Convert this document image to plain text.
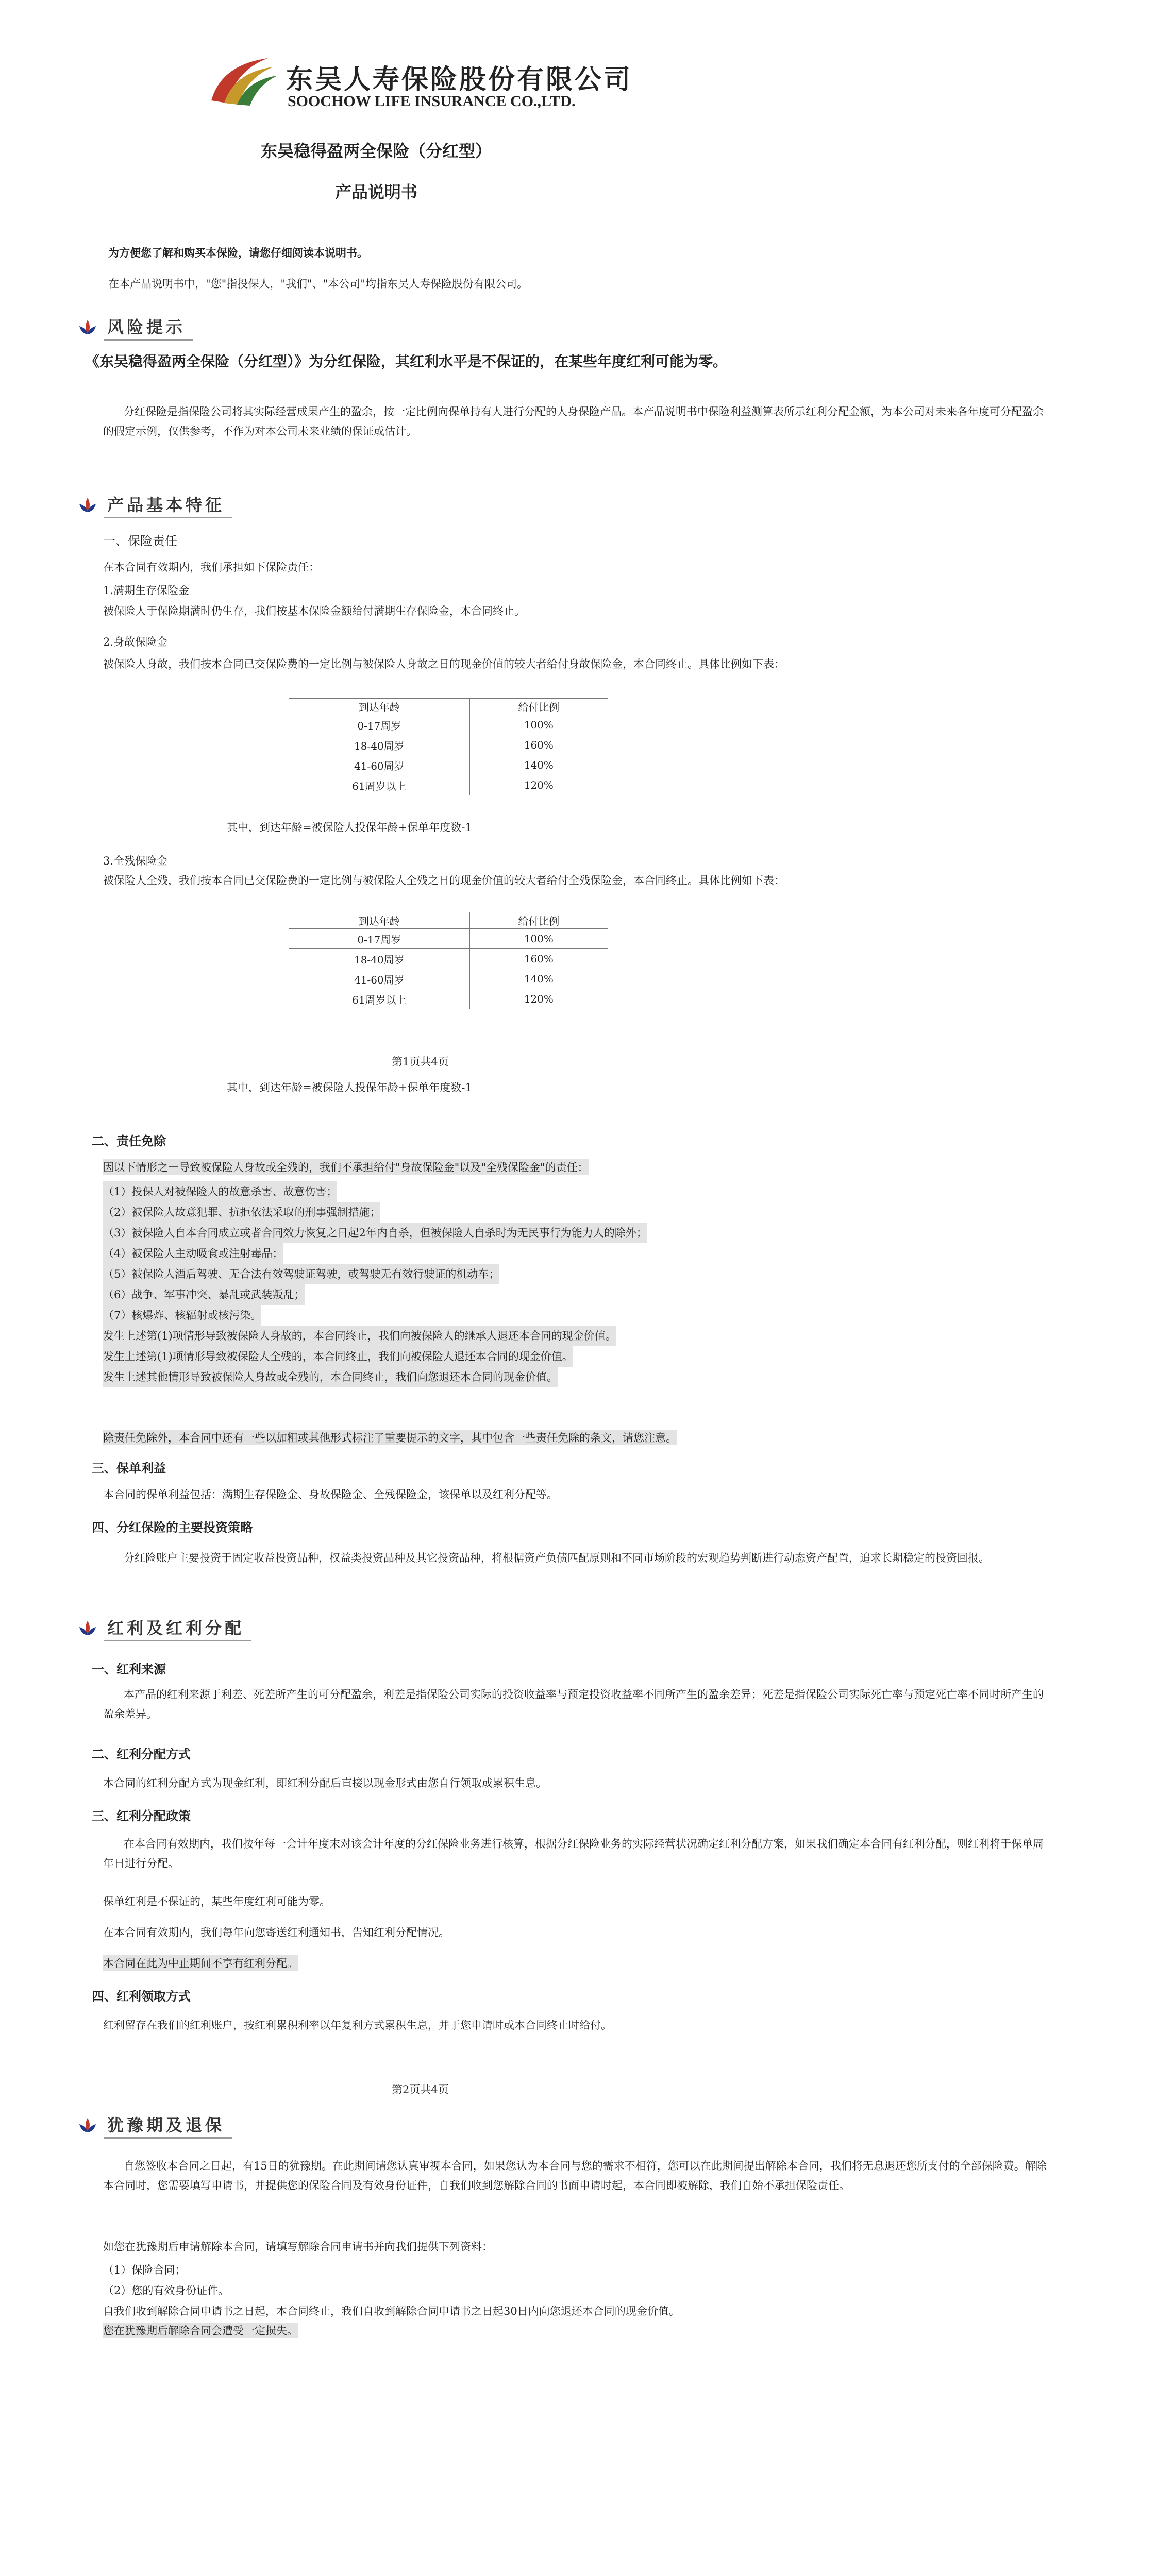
东吴人寿保险股份有限公司
SOOCHOW LIFE INSURANCE CO.,LTD.
东吴稳得盈两全保险（分红型）
产品说明书
为方便您了解和购买本保险，请您仔细阅读本说明书。
在本产品说明书中，"您"指投保人，"我们"、"本公司"均指东吴人寿保险股份有限公司。
风险提示
《东吴稳得盈两全保险（分红型）》为分红保险，其红利水平是不保证的，在某些年度红利可能为零。
分红保险是指保险公司将其实际经营成果产生的盈余，按一定比例向保单持有人进行分配的人身保险产品。本产品说明书中保险利益测算表所示红利分配金额，为本公司对未来各年度可分配盈余的假定示例，仅供参考，不作为对本公司未来业绩的保证或估计。
产品基本特征
一、保险责任
在本合同有效期内，我们承担如下保险责任：
1.满期生存保险金
被保险人于保险期满时仍生存，我们按基本保险金额给付满期生存保险金，本合同终止。
2.身故保险金
被保险人身故，我们按本合同已交保险费的一定比例与被保险人身故之日的现金价值的较大者给付身故保险金，本合同终止。具体比例如下表：
到达年龄	给付比例
0-17周岁	100%
18-40周岁	160%
41-60周岁	140%
61周岁以上	120%
其中，到达年龄=被保险人投保年龄+保单年度数-1
3.全残保险金
被保险人全残，我们按本合同已交保险费的一定比例与被保险人全残之日的现金价值的较大者给付全残保险金，本合同终止。具体比例如下表：
到达年龄	给付比例
0-17周岁	100%
18-40周岁	160%
41-60周岁	140%
61周岁以上	120%
第1页共4页
其中，到达年龄=被保险人投保年龄+保单年度数-1
二、责任免除
因以下情形之一导致被保险人身故或全残的，我们不承担给付"身故保险金"以及"全残保险金"的责任：
（1）投保人对被保险人的故意杀害、故意伤害；
（2）被保险人故意犯罪、抗拒依法采取的刑事强制措施；
（3）被保险人自本合同成立或者合同效力恢复之日起2年内自杀，但被保险人自杀时为无民事行为能力人的除外；
（4）被保险人主动吸食或注射毒品；
（5）被保险人酒后驾驶、无合法有效驾驶证驾驶，或驾驶无有效行驶证的机动车；
（6）战争、军事冲突、暴乱或武装叛乱；
（7）核爆炸、核辐射或核污染。
发生上述第(1)项情形导致被保险人身故的，本合同终止，我们向被保险人的继承人退还本合同的现金价值。
发生上述第(1)项情形导致被保险人全残的，本合同终止，我们向被保险人退还本合同的现金价值。
发生上述其他情形导致被保险人身故或全残的，本合同终止，我们向您退还本合同的现金价值。
除责任免除外，本合同中还有一些以加粗或其他形式标注了重要提示的文字，其中包含一些责任免除的条文，请您注意。
三、保单利益
本合同的保单利益包括：满期生存保险金、身故保险金、全残保险金，该保单以及红利分配等。
四、分红保险的主要投资策略
分红险账户主要投资于固定收益投资品种，权益类投资品种及其它投资品种，将根据资产负债匹配原则和不同市场阶段的宏观趋势判断进行动态资产配置，追求长期稳定的投资回报。
红利及红利分配
一、红利来源
本产品的红利来源于利差、死差所产生的可分配盈余，利差是指保险公司实际的投资收益率与预定投资收益率不同所产生的盈余差异；死差是指保险公司实际死亡率与预定死亡率不同时所产生的盈余差异。
二、红利分配方式
本合同的红利分配方式为现金红利，即红利分配后直接以现金形式由您自行领取或累积生息。
三、红利分配政策
在本合同有效期内，我们按年每一会计年度末对该会计年度的分红保险业务进行核算，根据分红保险业务的实际经营状况确定红利分配方案，如果我们确定本合同有红利分配，则红利将于保单周年日进行分配。
保单红利是不保证的，某些年度红利可能为零。
在本合同有效期内，我们每年向您寄送红利通知书，告知红利分配情况。
本合同在此为中止期间不享有红利分配。
四、红利领取方式
红利留存在我们的红利账户，按红利累积利率以年复利方式累积生息，并于您申请时或本合同终止时给付。
第2页共4页
犹豫期及退保
自您签收本合同之日起，有15日的犹豫期。在此期间请您认真审视本合同，如果您认为本合同与您的需求不相符，您可以在此期间提出解除本合同，我们将无息退还您所支付的全部保险费。解除本合同时，您需要填写申请书，并提供您的保险合同及有效身份证件，自我们收到您解除合同的书面申请时起，本合同即被解除，我们自始不承担保险责任。
如您在犹豫期后申请解除本合同，请填写解除合同申请书并向我们提供下列资料：
（1）保险合同；
（2）您的有效身份证件。
自我们收到解除合同申请书之日起，本合同终止，我们自收到解除合同申请书之日起30日内向您退还本合同的现金价值。
您在犹豫期后解除合同会遭受一定损失。
